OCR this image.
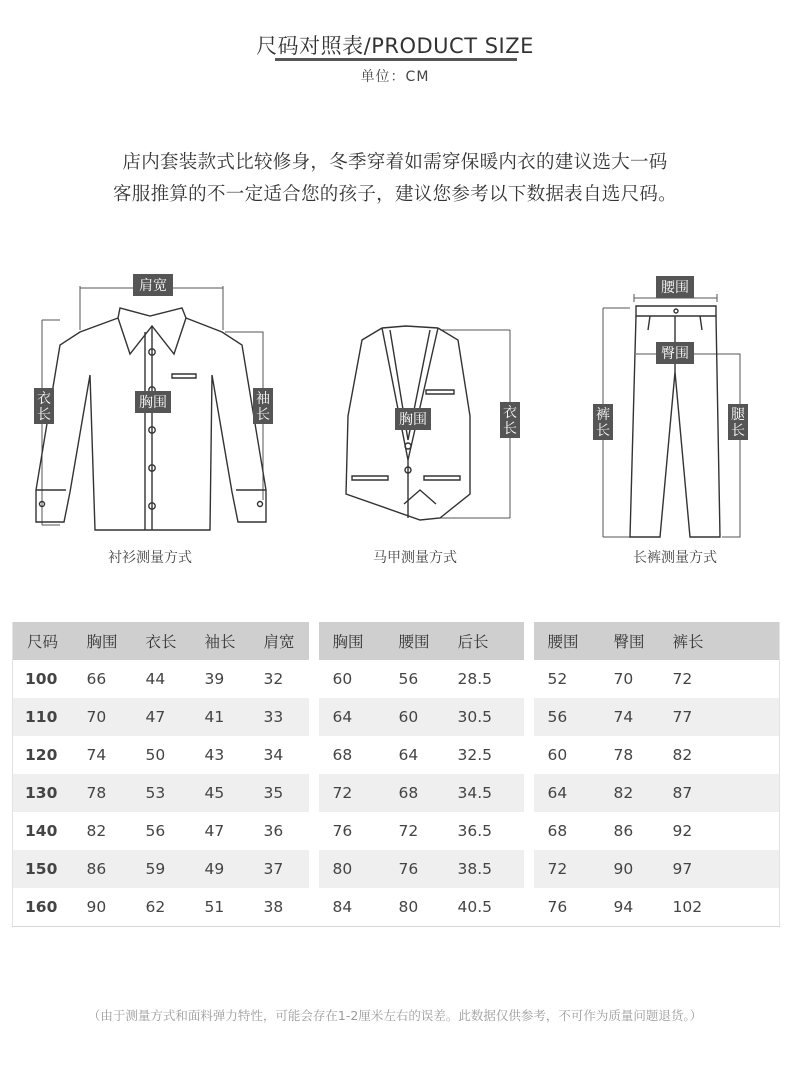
尺码对照表/PRODUCT SIZE
单位：CM
店内套装款式比较修身，冬季穿着如需穿保暖内衣的建议选大一码
客服推算的不一定适合您的孩子，建议您参考以下数据表自选尺码。
肩宽
胸围
衣
长
袖
长
衬衫测量方式
胸围	衣
长
马甲测量方式
腰围
臀围
裤
长
腿
长
长裤测量方式
尺码	胸围	衣长	袖长	肩宽		胸围	腰围	后长		腰围	臀围	裤长
100	66	44	39	32		60	56	28.5		52	70	72
110	70	47	41	33		64	60	30.5		56	74	77
120	74	50	43	34		68	64	32.5		60	78	82
130	78	53	45	35		72	68	34.5		64	82	87
140	82	56	47	36		76	72	36.5		68	86	92
150	86	59	49	37		80	76	38.5		72	90	97
160	90	62	51	38		84	80	40.5		76	94	102
（由于测量方式和面料弹力特性，可能会存在1-2厘米左右的误差。此数据仅供参考，不可作为质量问题退货。）
